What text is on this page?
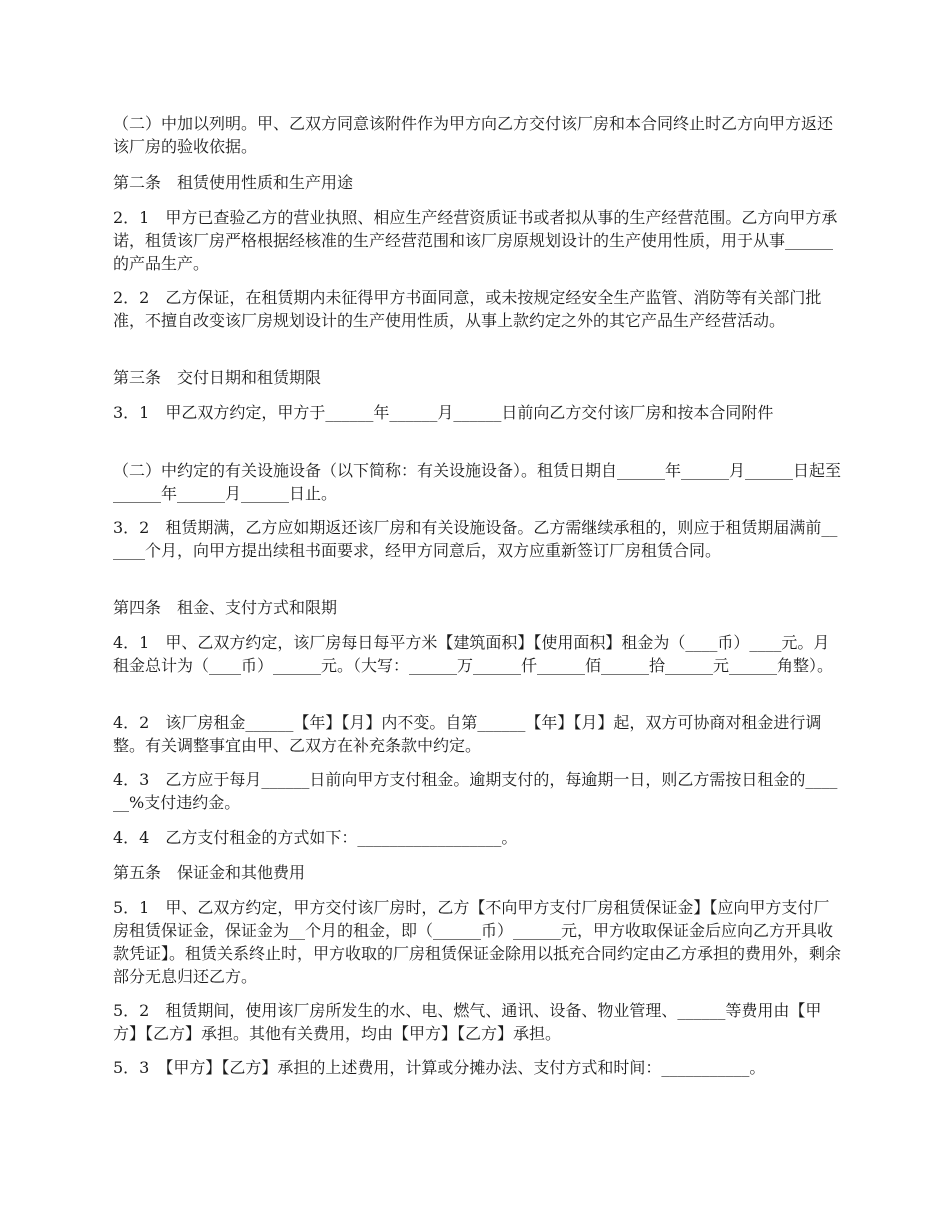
（二）中加以列明。甲、乙双方同意该附件作为甲方向乙方交付该厂房和本合同终止时乙方向甲方返还该厂房的验收依据。

第二条　租赁使用性质和生产用途

2．1　甲方已查验乙方的营业执照、相应生产经营资质证书或者拟从事的生产经营范围。乙方向甲方承诺，租赁该厂房严格根据经核准的生产经营范围和该厂房原规划设计的生产使用性质，用于从事______的产品生产。

2．2　乙方保证，在租赁期内未征得甲方书面同意，或未按规定经安全生产监管、消防等有关部门批准，不擅自改变该厂房规划设计的生产使用性质，从事上款约定之外的其它产品生产经营活动。

第三条　交付日期和租赁期限

3．1　甲乙双方约定，甲方于______年______月______日前向乙方交付该厂房和按本合同附件

（二）中约定的有关设施设备（以下简称：有关设施设备）。租赁日期自______年______月______日起至______年______月______日止。

3．2　租赁期满，乙方应如期返还该厂房和有关设施设备。乙方需继续承租的，则应于租赁期届满前______个月，向甲方提出续租书面要求，经甲方同意后，双方应重新签订厂房租赁合同。

第四条　租金、支付方式和限期

4．1　甲、乙双方约定，该厂房每日每平方米【建筑面积】【使用面积】租金为（____币）____元。月租金总计为（____币）______元。（大写：______万______仟______佰______拾______元______角整）。

4．2　该厂房租金______【年】【月】内不变。自第______【年】【月】起，双方可协商对租金进行调整。有关调整事宜由甲、乙双方在补充条款中约定。

4．3　乙方应于每月______日前向甲方支付租金。逾期支付的，每逾期一日，则乙方需按日租金的______%支付违约金。

4．4　乙方支付租金的方式如下：__________________。

第五条　保证金和其他费用

5．1　甲、乙双方约定，甲方交付该厂房时，乙方【不向甲方支付厂房租赁保证金】【应向甲方支付厂房租赁保证金，保证金为__个月的租金，即（______币）______元，甲方收取保证金后应向乙方开具收款凭证】。租赁关系终止时，甲方收取的厂房租赁保证金除用以抵充合同约定由乙方承担的费用外，剩余部分无息归还乙方。

5．2　租赁期间，使用该厂房所发生的水、电、燃气、通讯、设备、物业管理、______等费用由【甲方】【乙方】承担。其他有关费用，均由【甲方】【乙方】承担。

5．3　【甲方】【乙方】承担的上述费用，计算或分摊办法、支付方式和时间：___________。
